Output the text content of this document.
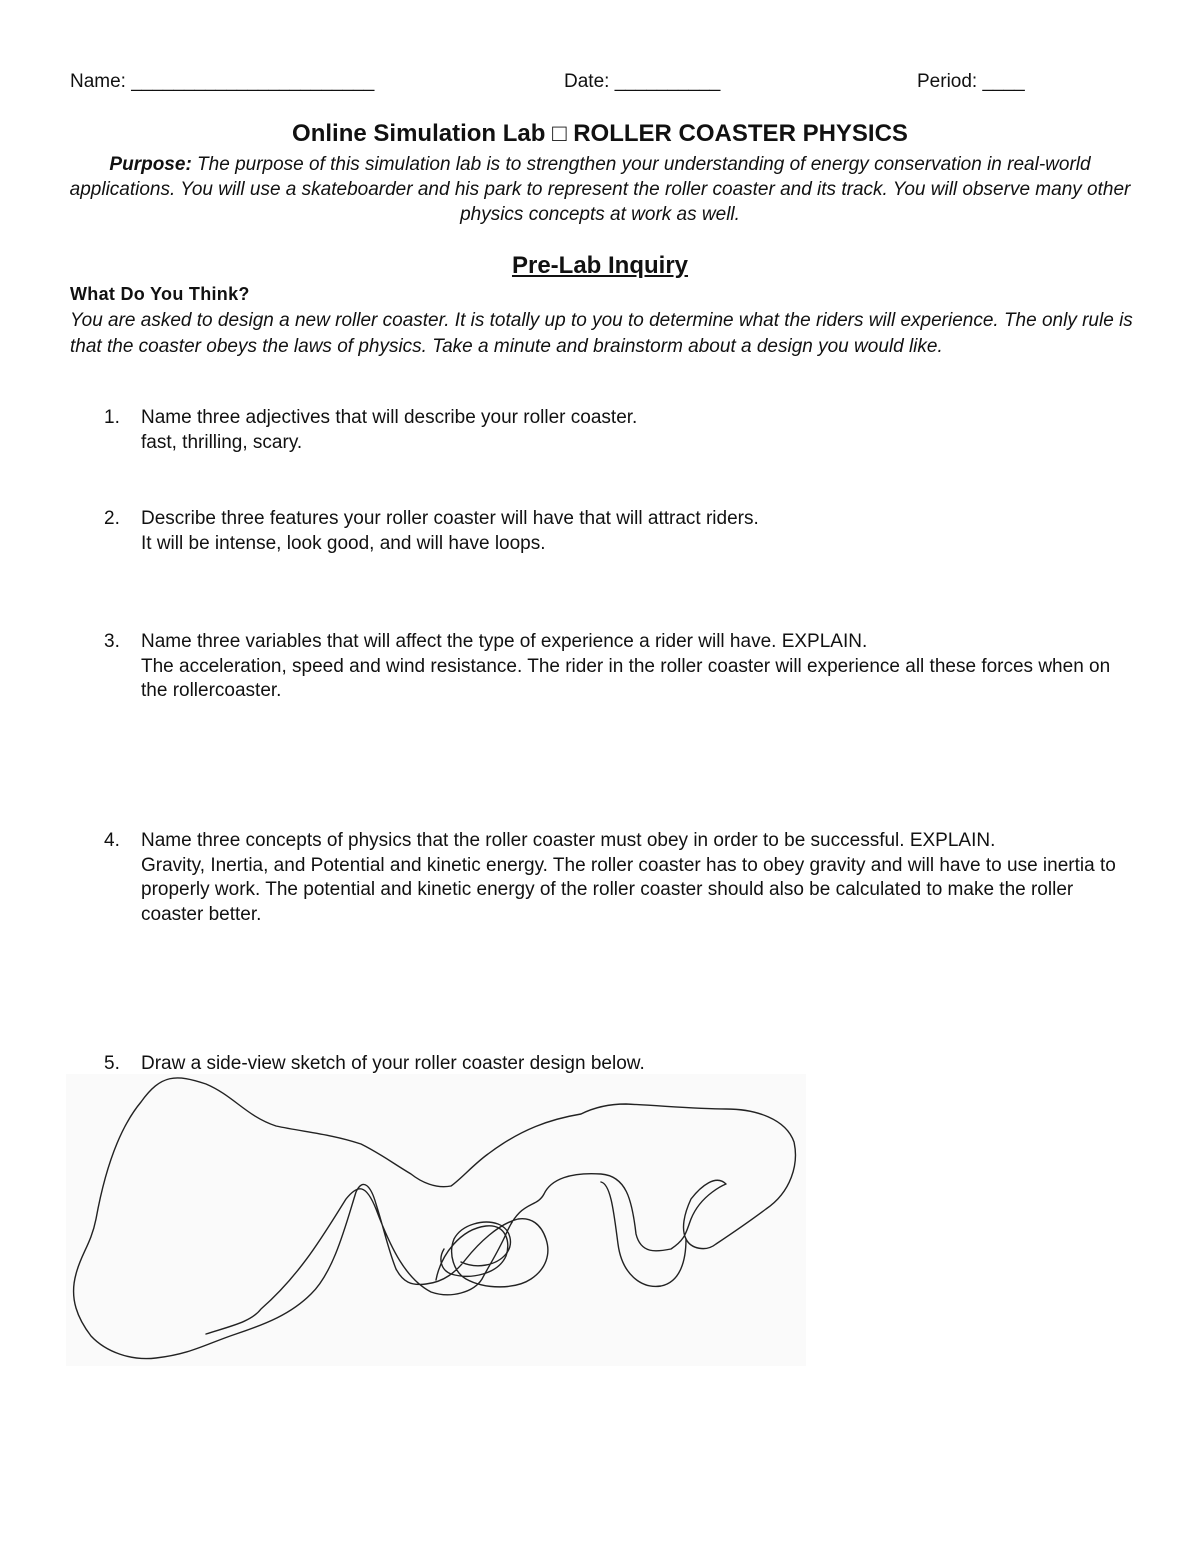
Name: _______________________	Date: __________	Period: ____
Online Simulation Lab □ ROLLER COASTER PHYSICS
Purpose: The purpose of this simulation lab is to strengthen your understanding of energy conservation in real-world applications. You will use a skateboarder and his park to represent the roller coaster and its track. You will observe many other physics concepts at work as well.
Pre-Lab Inquiry
What Do You Think?
You are asked to design a new roller coaster. It is totally up to you to determine what the riders will experience. The only rule is that the coaster obeys the laws of physics. Take a minute and brainstorm about a design you would like.
1. Name three adjectives that will describe your roller coaster.
fast, thrilling, scary.
2. Describe three features your roller coaster will have that will attract riders.
It will be intense, look good, and will have loops.
3. Name three variables that will affect the type of experience a rider will have. EXPLAIN.
The acceleration, speed and wind resistance. The rider in the roller coaster will experience all these forces when on the rollercoaster.
4. Name three concepts of physics that the roller coaster must obey in order to be successful. EXPLAIN.
Gravity, Inertia, and Potential and kinetic energy. The roller coaster has to obey gravity and will have to use inertia to properly work. The potential and kinetic energy of the roller coaster should also be calculated to make the roller coaster better.
5. Draw a side-view sketch of your roller coaster design below.
